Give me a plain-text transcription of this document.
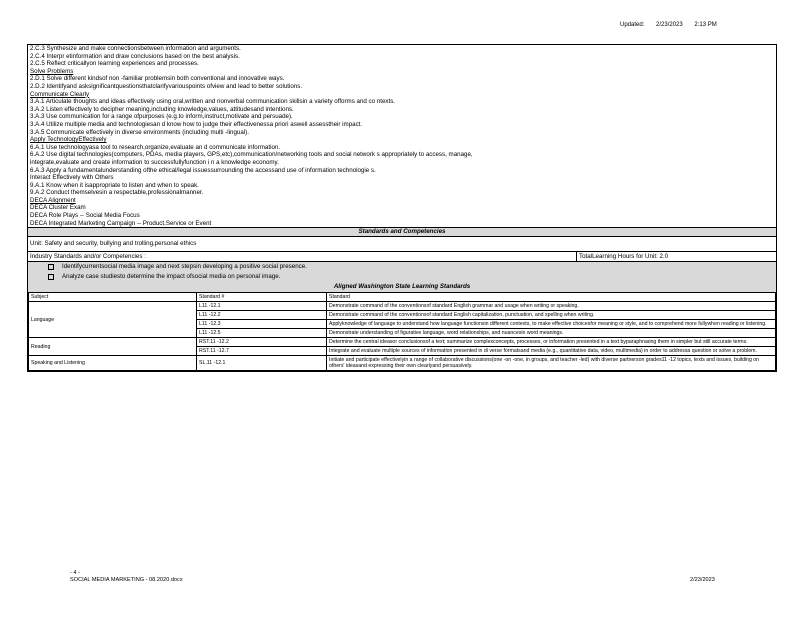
Updated: 2/23/2023 2:13 PM
2.C.3 Synthesize and make connectionsbetween information and arguments.
2.C.4 Interpr etinformation and draw conclusions based on the best analysis.
2.C.5 Reflect criticallyon learning experiences and processes.
Solve Problems
2.D.1 Solve different kindsof non -familiar problemsin both conventional and innovative ways.
2.D.2 Identifyand asksignificantquestionsthatclarifyvariouspoints ofview and lead to better solutions.
Communicate Clearly
3.A.1 Articulate thoughts and ideas effectively using oral,written and nonverbal communication skillsin a variety offorms and co ntexts.
3.A.2 Listen effectively to decipher meaning,including knowledge,values, attitudesand intentions.
3.A.3 Use communication for a range ofpurposes (e.g.to inform,instruct,motivate and persuade).
3.A.4 Utilize multiple media and technologiesan d know how to judge their effectivenessa priori aswell assesstheir impact.
3.A.5 Communicate effectively in diverse environments (including multi -lingual).
Apply TechnologyEffectively
6.A.1 Use technologyasa tool to research,organize,evaluate an d communicate information.
6.A.2 Use digital technologies(computers, PDAs, media players, GPS,etc),communication/networking tools and social network s appropriately to access, manage,
integrate,evaluate and create information to successfullyfunction i n a knowledge economy.
6.A.3 Apply a fundamentalunderstanding ofthe ethical/legal issuessurrounding the accessand use of information technologie s.
Interact Effectively with Others
9.A.1 Know when it isappropriate to listen and when to speak.
9.A.2 Conduct themselvesin a respectable,professionalmanner.
DECA Alignment
DECA Cluster Exam
DECA Role Plays -- Social Media Focus
DECA Integrated Marketing Campaign -- Product,Service or Event
Standards and Competencies
Unit: Safety and security, bullying and trolling,personal ethics
Industry Standards and/or Competencies :	TotalLearning Hours for Unit: 2.0
Identifycurrentsocial media image and next stepsin developing a positive social presence.
Analyze case studiesto determine the impact ofsocial media on personal image.
Aligned Washington State Learning Standards
Subject	Standard #	Standard
Language	L11 -12.1	Demonstrate command of the conventionsof standard English grammar and usage when writing or speaking.
	L11 -12.2	Demonstrate command of the conventionsof standard English capitalization, punctuation, and spelling when writing.
	L11 -12.3	Applyknowledge of language to understand how language functionsin different contexts, to make effective choicesfor meaning or style, and to comprehend more fullywhen reading or listening.
	L11 -12.5	Demonstrate understanding of figurative language, word relationships, and nuancesin word meanings.
Reading	RST.11 -12.2	Determine the central ideasor conclusionsof a text; summarize complexconcepts, processes, or information presented in a text byparaphrasing them in simpler but still accurate terms.
	RST.11 -12.7	Integrate and evaluate multiple sources of information presented in di verse formatsand media (e.g., quantitative data, video, multimedia) in order to addressa question or solve a problem.
Speaking and Listening	SL.11 -12.1	Initiate and participate effectivelyin a range of collaborative discussions(one -on -one, in groups, and teacher -led) with diverse partnerson grades11 -12 topics, texts and issues, building on others' ideasand expressing their own clearlyand persuasively.
- 4 -
SOCIAL MEDIA MARKETING - 08.2020.docx	2/23/2023
